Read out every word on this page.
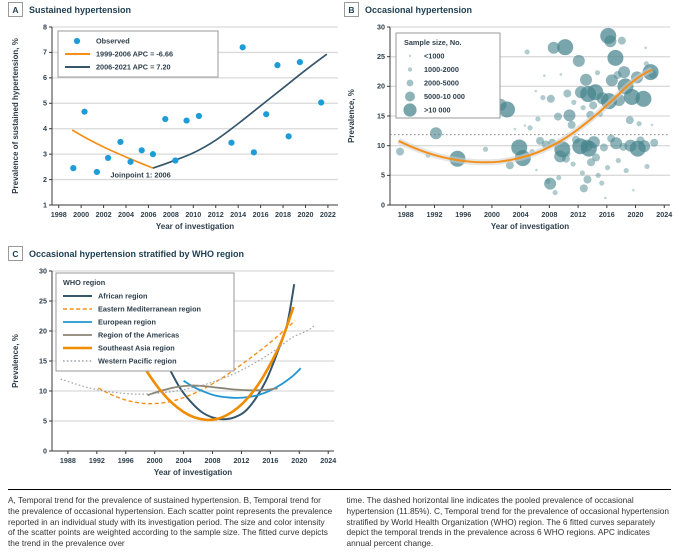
A	Sustained hypertension
1
2
3
4
5
6
7
8
1998 2000 2002 2004 2006 2008 2010 2012 2014 2016 2018 2020 2022
Prevalence of sustained hypertension, %
Year of investigation
Joinpoint 1: 2006
Observed
1999-2006 APC = -6.66
2006-2021 APC = 7.20
B	Occasional hypertension
0
5
10
15
20
25
30
1988 1992 1996 2000 2004 2008 2012 2016 2020 2024
Prevalence, %
Year of investigation
Sample size, No.
<1000
1000-2000
2000-5000
5000-10 000
>10 000
C	Occasional hypertension stratified by WHO region
0
5
10
15
20
25
30
1988 1992 1996 2000 2004 2008 2012 2016 2020 2024
Prevalence, %
Year of investigation
WHO region
African region
Eastern Mediterranean region
European region
Region of the Americas
Southeast Asia region
Western Pacific region
A, Temporal trend for the prevalence of sustained hypertension. B, Temporal trend for the prevalence of occasional hypertension. Each scatter point represents the prevalence reported in an individual study with its investigation period. The size and color intensity of the scatter points are weighted according to the sample size. The fitted curve depicts the trend in the prevalence over
time. The dashed horizontal line indicates the pooled prevalence of occasional hypertension (11.85%). C, Temporal trend for the prevalence of occasional hypertension stratified by World Health Organization (WHO) region. The 6 fitted curves separately depict the temporal trends in the prevalence across 6 WHO regions. APC indicates annual percent change.
